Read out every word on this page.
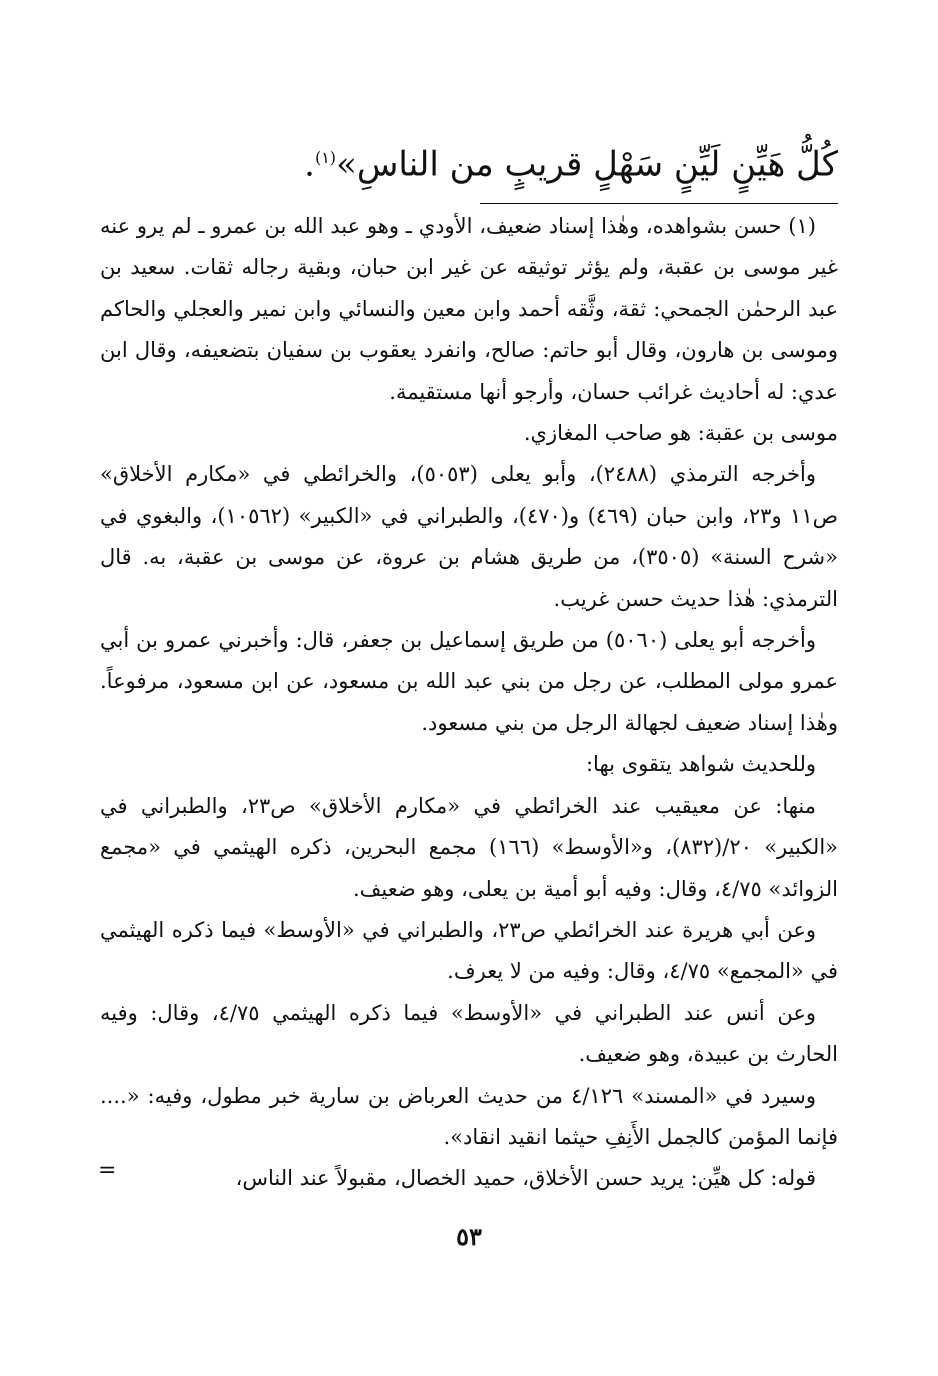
كُلُّ هَيِّنٍ لَيِّنٍ سَهْلٍ قريبٍ من الناسِ»$^{(١)}$.

(١) حسن بشواهده، وهٰذا إسناد ضعيف، الأودي ـ وهو عبد الله بن عمرو ـ لم يرو عنه غير موسى بن عقبة، ولم يؤثر توثيقه عن غير ابن حبان، وبقية رجاله ثقات. سعيد بن عبد الرحمٰن الجمحي: ثقة، وثَّقه أحمد وابن معين والنسائي وابن نمير والعجلي والحاكم وموسى بن هارون، وقال أبو حاتم: صالح، وانفرد يعقوب بن سفيان بتضعيفه، وقال ابن عدي: له أحاديث غرائب حسان، وأرجو أنها مستقيمة.

موسى بن عقبة: هو صاحب المغازي.

وأخرجه الترمذي (٢٤٨٨)، وأبو يعلى (٥٠٥٣)، والخرائطي في «مكارم الأخلاق» ص١١ و٢٣، وابن حبان (٤٦٩) و(٤٧٠)، والطبراني في «الكبير» (١٠٥٦٢)، والبغوي في «شرح السنة» (٣٥٠٥)، من طريق هشام بن عروة، عن موسى بن عقبة، به. قال الترمذي: هٰذا حديث حسن غريب.

وأخرجه أبو يعلى (٥٠٦٠) من طريق إسماعيل بن جعفر، قال: وأخبرني عمرو بن أبي عمرو مولى المطلب، عن رجل من بني عبد الله بن مسعود، عن ابن مسعود، مرفوعاً. وهٰذا إسناد ضعيف لجهالة الرجل من بني مسعود.

وللحديث شواهد يتقوى بها:

منها: عن معيقيب عند الخرائطي في «مكارم الأخلاق» ص٢٣، والطبراني في «الكبير» ٢٠/(٨٣٢)، و«الأوسط» (١٦٦) مجمع البحرين، ذكره الهيثمي في «مجمع الزوائد» ٤/٧٥، وقال: وفيه أبو أمية بن يعلى، وهو ضعيف.

وعن أبي هريرة عند الخرائطي ص٢٣، والطبراني في «الأوسط» فيما ذكره الهيثمي في «المجمع» ٤/٧٥، وقال: وفيه من لا يعرف.

وعن أنس عند الطبراني في «الأوسط» فيما ذكره الهيثمي ٤/٧٥، وقال: وفيه الحارث بن عبيدة، وهو ضعيف.

وسيرد في «المسند» ٤/١٢٦ من حديث العرباض بن سارية خبر مطول، وفيه: «.... فإنما المؤمن كالجمل الأَنِفِ حيثما انقيد انقاد».

قوله: كل هيِّن: يريد حسن الأخلاق، حميد الخصال، مقبولاً عند الناس،

=
٥٣
